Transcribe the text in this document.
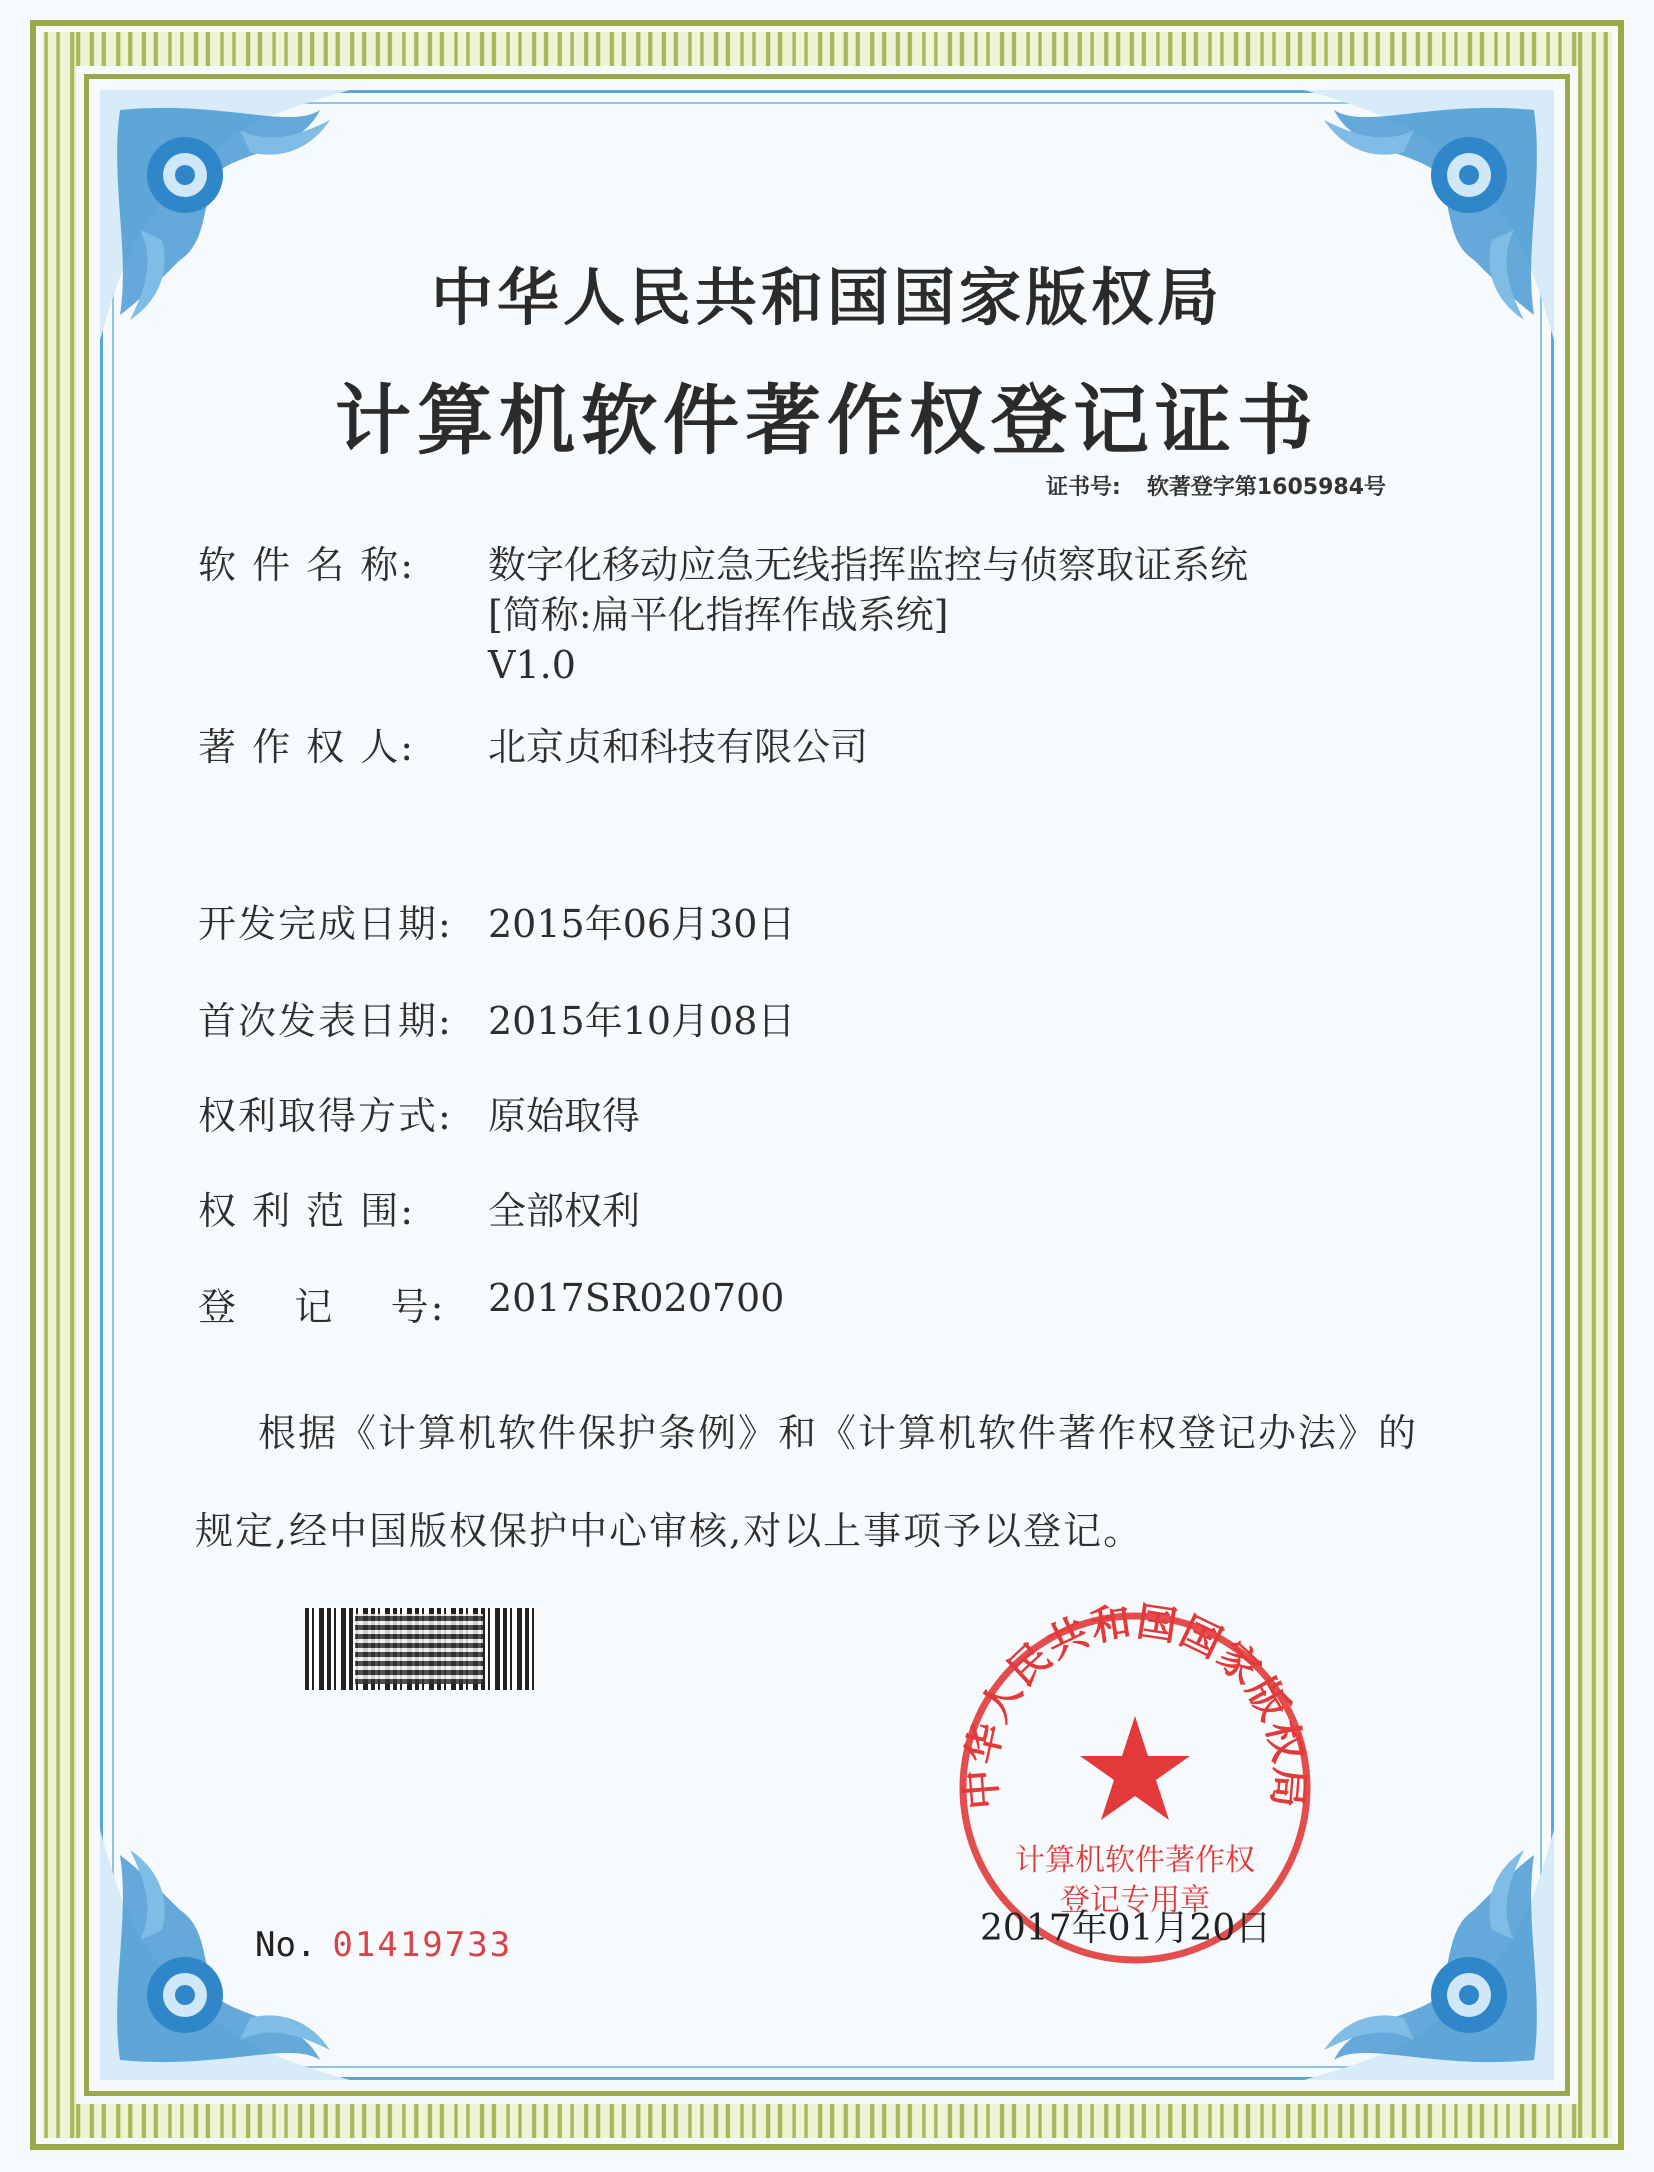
中华人民共和国国家版权局
计算机软件著作权登记证书
证书号: 软著登字第1605984号
软 件 名 称: 数字化移动应急无线指挥监控与侦察取证系统
[简称:扁平化指挥作战系统]
V1.0
著 作 权 人: 北京贞和科技有限公司
开发完成日期: 2015年06月30日
首次发表日期: 2015年10月08日
权利取得方式: 原始取得
权 利 范 围: 全部权利
登    记    号: 2017SR020700
根据《计算机软件保护条例》和《计算机软件著作权登记办法》的
规定,经中国版权保护中心审核,对以上事项予以登记。
中华人民共和国国家版权局
计算机软件著作权
登记专用章
2017年01月20日
No. 01419733
